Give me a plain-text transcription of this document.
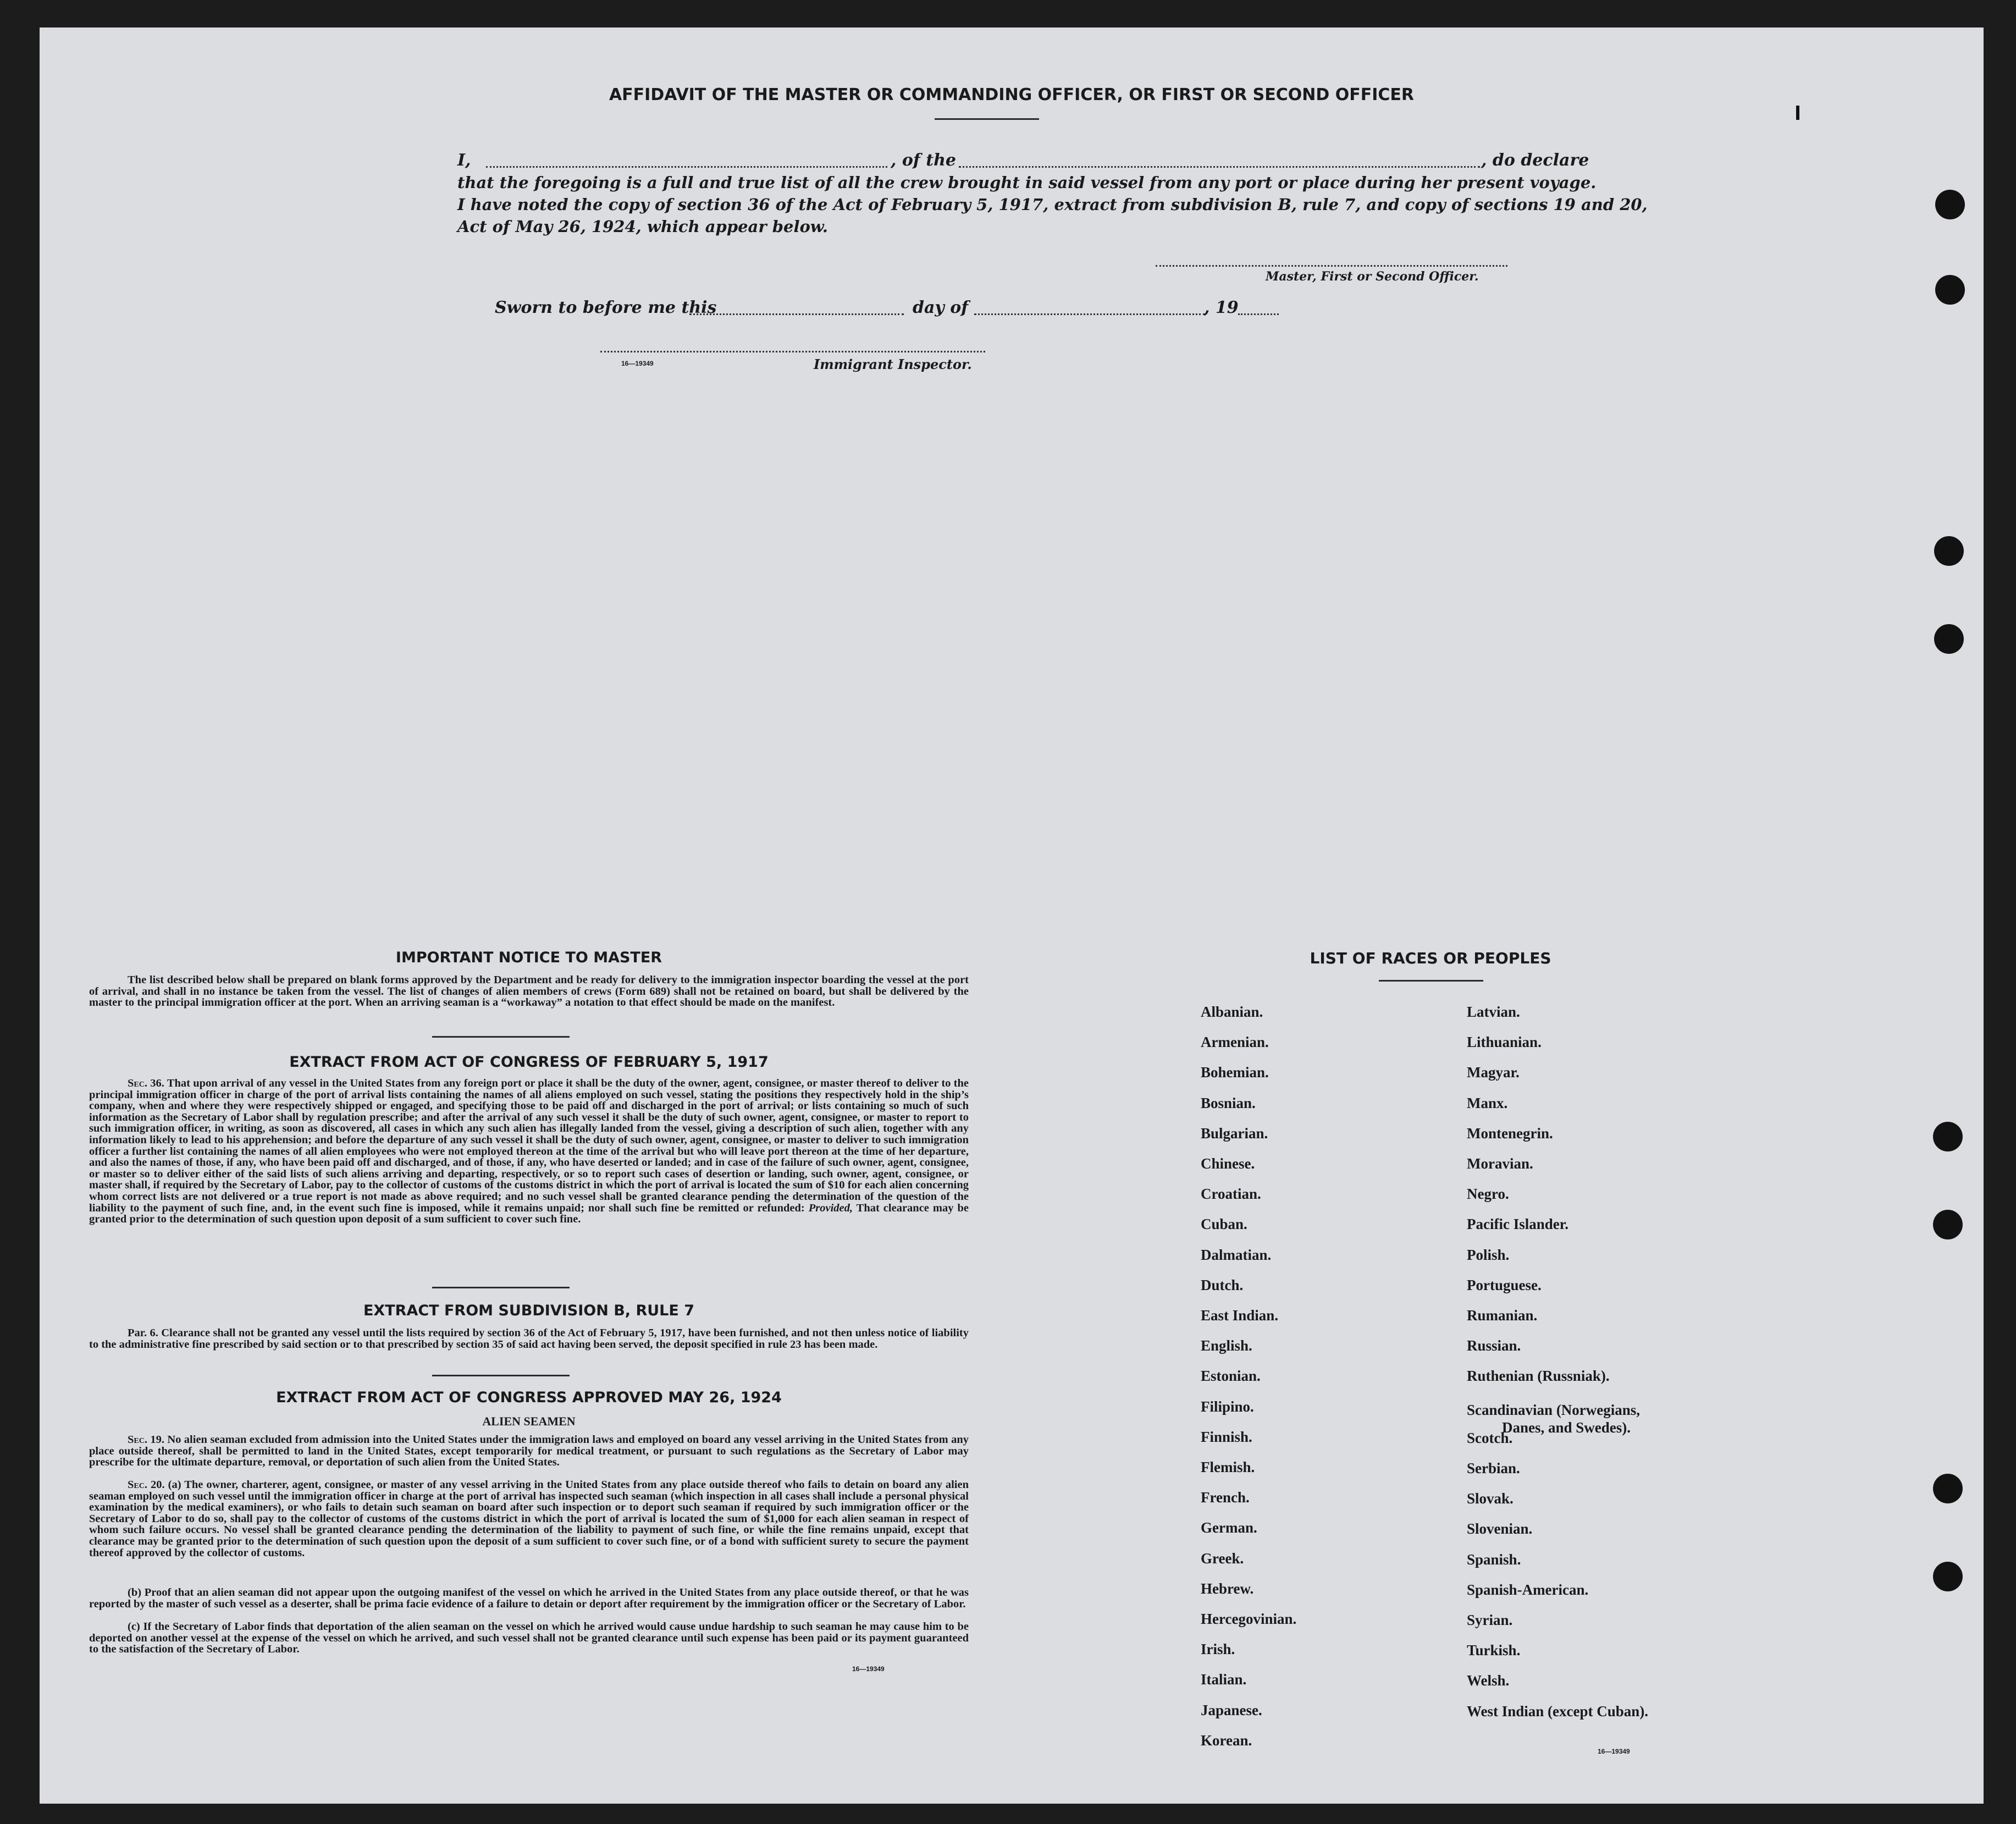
AFFIDAVIT OF THE MASTER OR COMMANDING OFFICER, OR FIRST OR SECOND OFFICER
I,	, of the	, do declare
that the foregoing is a full and true list of all the crew brought in said vessel from any port or place during her present voyage.
I have noted the copy of section 36 of the Act of February 5, 1917, extract from subdivision B, rule 7, and copy of sections 19 and 20,
Act of May 26, 1924, which appear below.
Master, First or Second Officer.
Sworn to before me this	day of	, 19
16—19349	Immigrant Inspector.
IMPORTANT NOTICE TO MASTER
The list described below shall be prepared on blank forms approved by the Department and be ready for delivery to the immigration inspector boarding the vessel at the port of arrival, and shall in no instance be taken from the vessel. The list of changes of alien members of crews (Form 689) shall not be retained on board, but shall be delivered by the master to the principal immigration officer at the port. When an arriving seaman is a “workaway” a notation to that effect should be made on the manifest.
EXTRACT FROM ACT OF CONGRESS OF FEBRUARY 5, 1917
Sec. 36. That upon arrival of any vessel in the United States from any foreign port or place it shall be the duty of the owner, agent, consignee, or master thereof to deliver to the principal immigration officer in charge of the port of arrival lists containing the names of all aliens employed on such vessel, stating the positions they respectively hold in the ship’s company, when and where they were respectively shipped or engaged, and specifying those to be paid off and discharged in the port of arrival; or lists containing so much of such information as the Secretary of Labor shall by regulation prescribe; and after the arrival of any such vessel it shall be the duty of such owner, agent, consignee, or master to report to such immigration officer, in writing, as soon as discovered, all cases in which any such alien has illegally landed from the vessel, giving a description of such alien, together with any information likely to lead to his apprehension; and before the departure of any such vessel it shall be the duty of such owner, agent, consignee, or master to deliver to such immigration officer a further list containing the names of all alien employees who were not employed thereon at the time of the arrival but who will leave port thereon at the time of her departure, and also the names of those, if any, who have been paid off and discharged, and of those, if any, who have deserted or landed; and in case of the failure of such owner, agent, consignee, or master so to deliver either of the said lists of such aliens arriving and departing, respectively, or so to report such cases of desertion or landing, such owner, agent, consignee, or master shall, if required by the Secretary of Labor, pay to the collector of customs of the customs district in which the port of arrival is located the sum of $10 for each alien concerning whom correct lists are not delivered or a true report is not made as above required; and no such vessel shall be granted clearance pending the determination of the question of the liability to the payment of such fine, and, in the event such fine is imposed, while it remains unpaid; nor shall such fine be remitted or refunded: Provided, That clearance may be granted prior to the determination of such question upon deposit of a sum sufficient to cover such fine.
EXTRACT FROM SUBDIVISION B, RULE 7
Par. 6. Clearance shall not be granted any vessel until the lists required by section 36 of the Act of February 5, 1917, have been furnished, and not then unless notice of liability to the administrative fine prescribed by said section or to that prescribed by section 35 of said act having been served, the deposit specified in rule 23 has been made.
EXTRACT FROM ACT OF CONGRESS APPROVED MAY 26, 1924
ALIEN SEAMEN
Sec. 19. No alien seaman excluded from admission into the United States under the immigration laws and employed on board any vessel arriving in the United States from any place outside thereof, shall be permitted to land in the United States, except temporarily for medical treatment, or pursuant to such regulations as the Secretary of Labor may prescribe for the ultimate departure, removal, or deportation of such alien from the United States.
Sec. 20. (a) The owner, charterer, agent, consignee, or master of any vessel arriving in the United States from any place outside thereof who fails to detain on board any alien seaman employed on such vessel until the immigration officer in charge at the port of arrival has inspected such seaman (which inspection in all cases shall include a personal physical examination by the medical examiners), or who fails to detain such seaman on board after such inspection or to deport such seaman if required by such immigration officer or the Secretary of Labor to do so, shall pay to the collector of customs of the customs district in which the port of arrival is located the sum of $1,000 for each alien seaman in respect of whom such failure occurs. No vessel shall be granted clearance pending the determination of the liability to payment of such fine, or while the fine remains unpaid, except that clearance may be granted prior to the determination of such question upon the deposit of a sum sufficient to cover such fine, or of a bond with sufficient surety to secure the payment thereof approved by the collector of customs.
(b) Proof that an alien seaman did not appear upon the outgoing manifest of the vessel on which he arrived in the United States from any place outside thereof, or that he was reported by the master of such vessel as a deserter, shall be prima facie evidence of a failure to detain or deport after requirement by the immigration officer or the Secretary of Labor.
(c) If the Secretary of Labor finds that deportation of the alien seaman on the vessel on which he arrived would cause undue hardship to such seaman he may cause him to be deported on another vessel at the expense of the vessel on which he arrived, and such vessel shall not be granted clearance until such expense has been paid or its payment guaranteed to the satisfaction of the Secretary of Labor.
16—19349
LIST OF RACES OR PEOPLES
16—19349
Albanian.
Armenian.
Bohemian.
Bosnian.
Bulgarian.
Chinese.
Croatian.
Cuban.
Dalmatian.
Dutch.
East Indian.
English.
Estonian.
Filipino.
Finnish.
Flemish.
French.
German.
Greek.
Hebrew.
Hercegovinian.
Irish.
Italian.
Japanese.
Korean.
Latvian.
Lithuanian.
Magyar.
Manx.
Montenegrin.
Moravian.
Negro.
Pacific Islander.
Polish.
Portuguese.
Rumanian.
Russian.
Ruthenian (Russniak).
Scandinavian (Norwegians,
Danes, and Swedes).
Scotch.
Serbian.
Slovak.
Slovenian.
Spanish.
Spanish-American.
Syrian.
Turkish.
Welsh.
West Indian (except Cuban).
